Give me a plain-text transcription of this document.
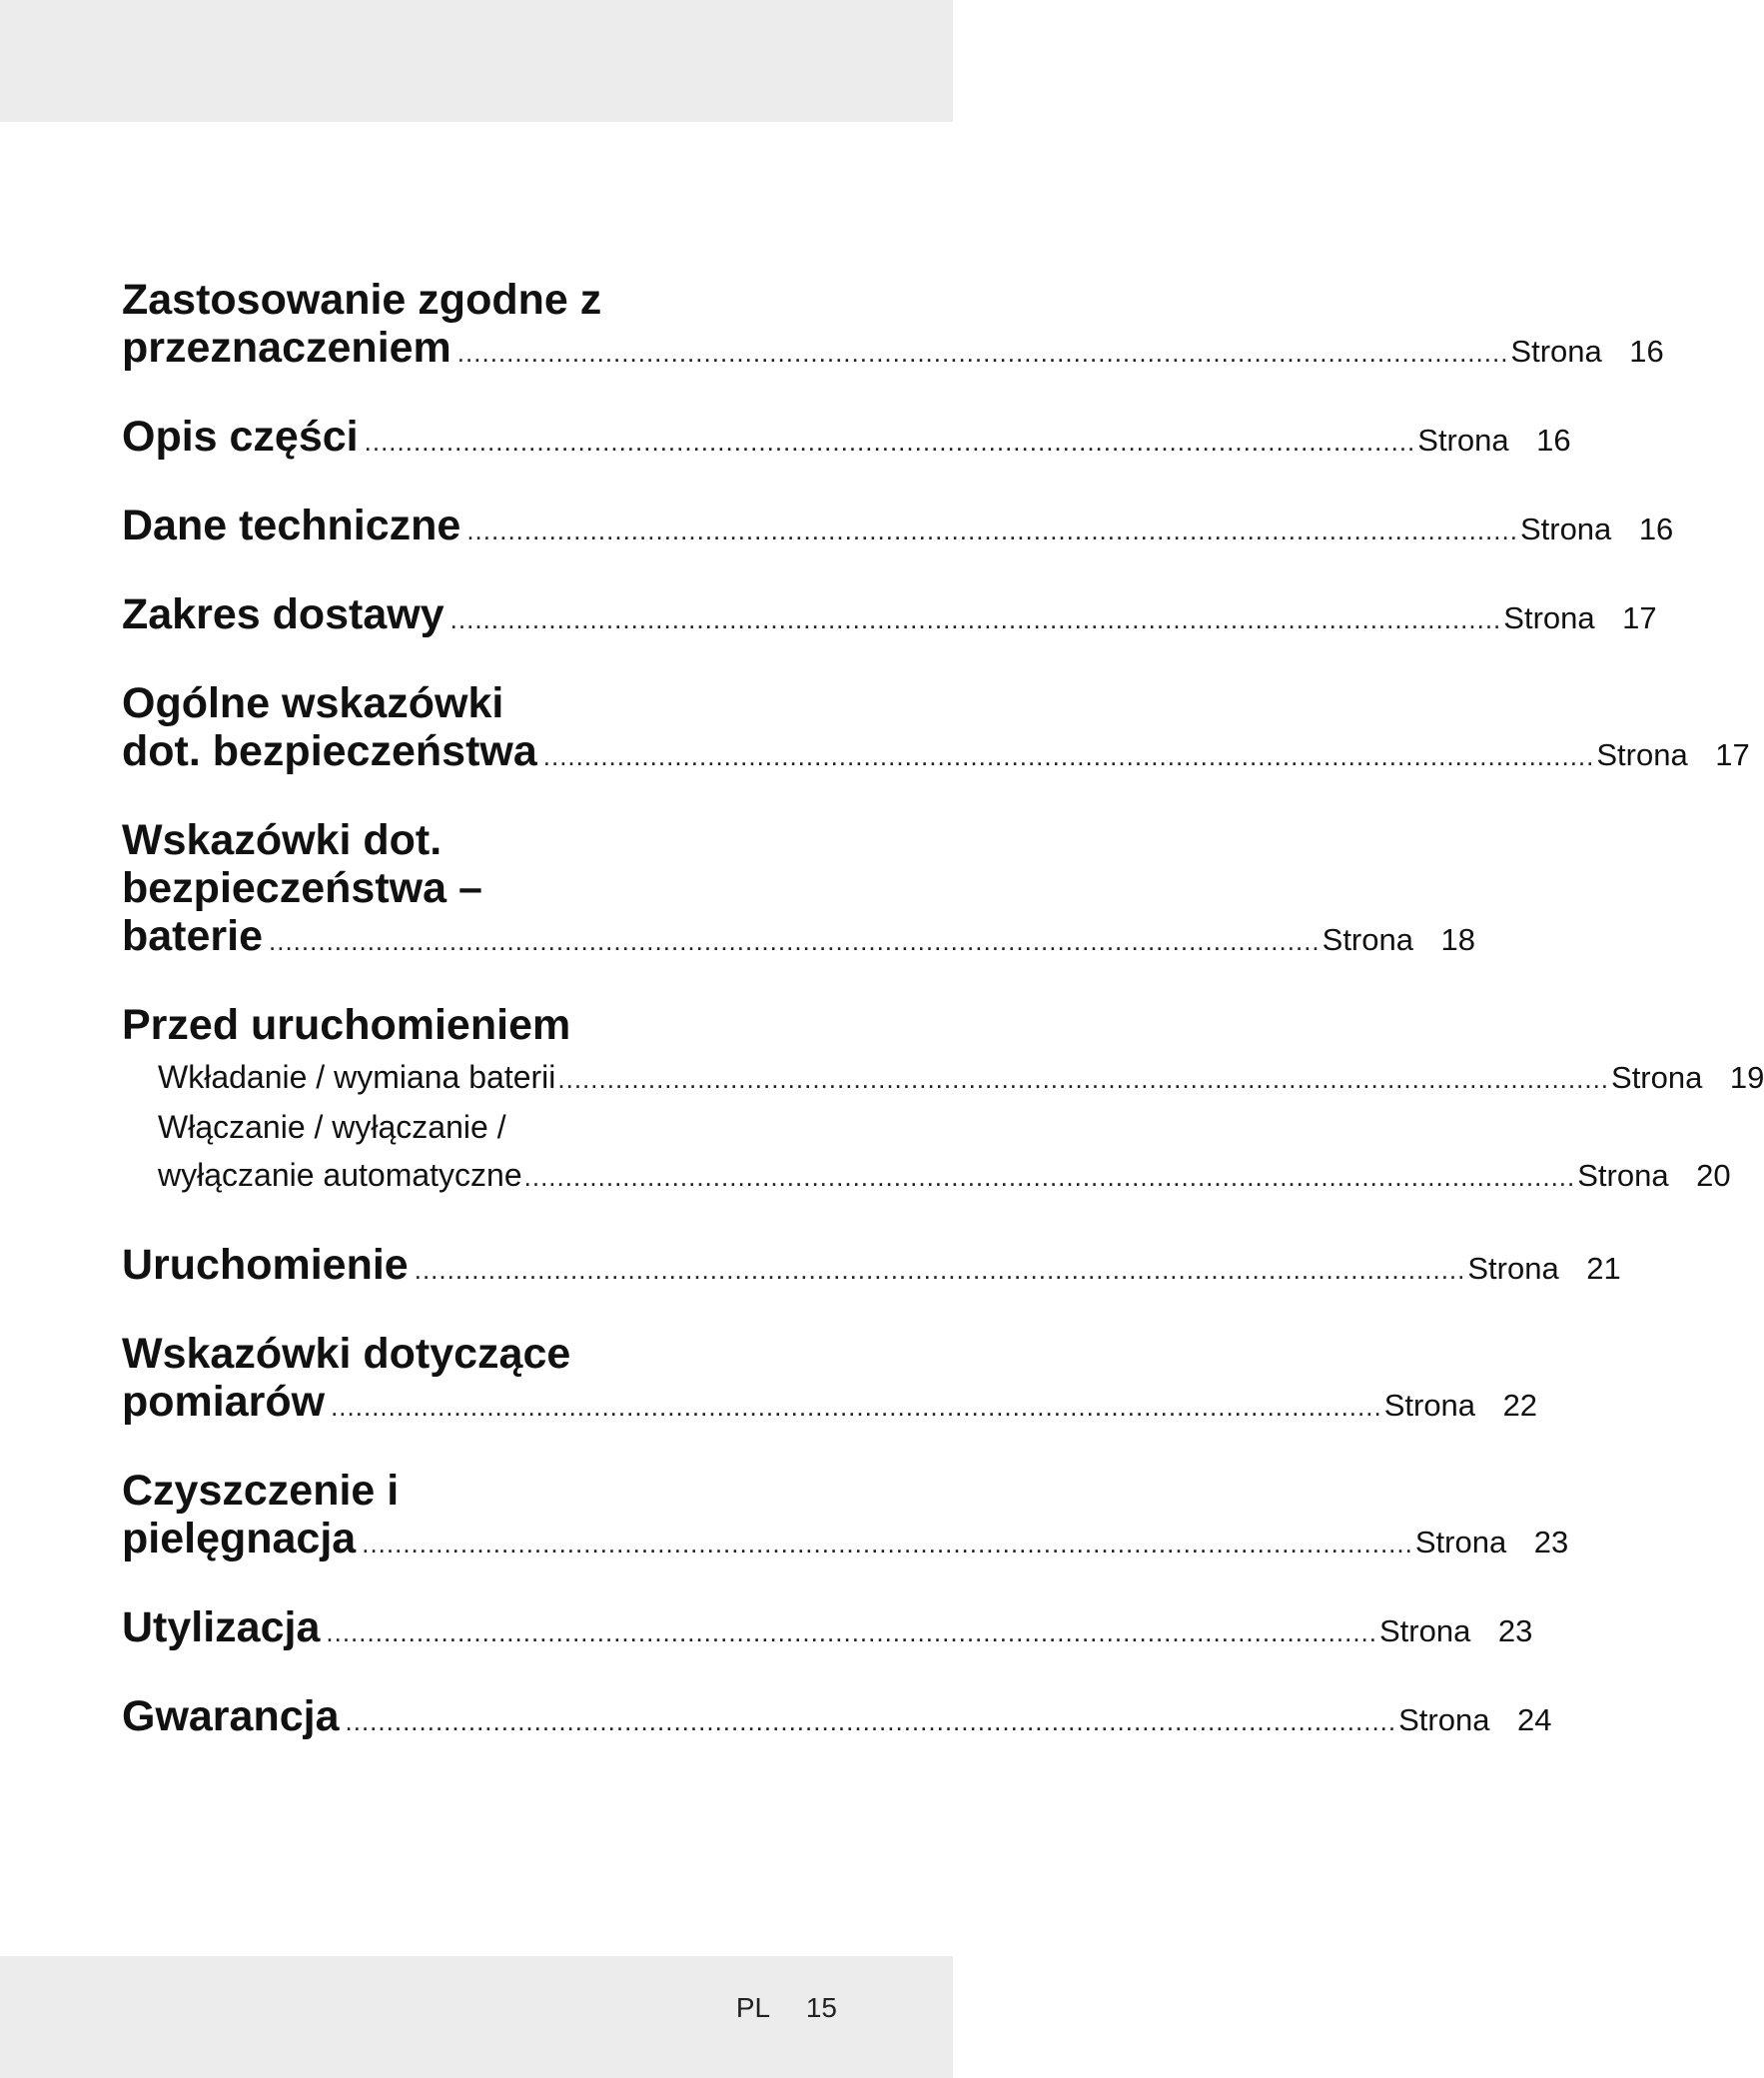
Zastosowanie zgodne z
przeznaczeniem ................................................................................................................................ Strona 16
Opis części ................................................................................................................................ Strona 16
Dane techniczne ................................................................................................................................ Strona 16
Zakres dostawy ................................................................................................................................ Strona 17
Ogólne wskazówki
dot. bezpieczeństwa ................................................................................................................................ Strona 17
Wskazówki dot.
bezpieczeństwa –
baterie ................................................................................................................................ Strona 18
Przed uruchomieniem
Wkładanie / wymiana baterii ................................................................................................................................ Strona 19
Włączanie / wyłączanie /
wyłączanie automatyczne ................................................................................................................................ Strona 20
Uruchomienie ................................................................................................................................ Strona 21
Wskazówki dotyczące
pomiarów ................................................................................................................................ Strona 22
Czyszczenie i
pielęgnacja ................................................................................................................................ Strona 23
Utylizacja ................................................................................................................................ Strona 23
Gwarancja ................................................................................................................................ Strona 24
PL 15
